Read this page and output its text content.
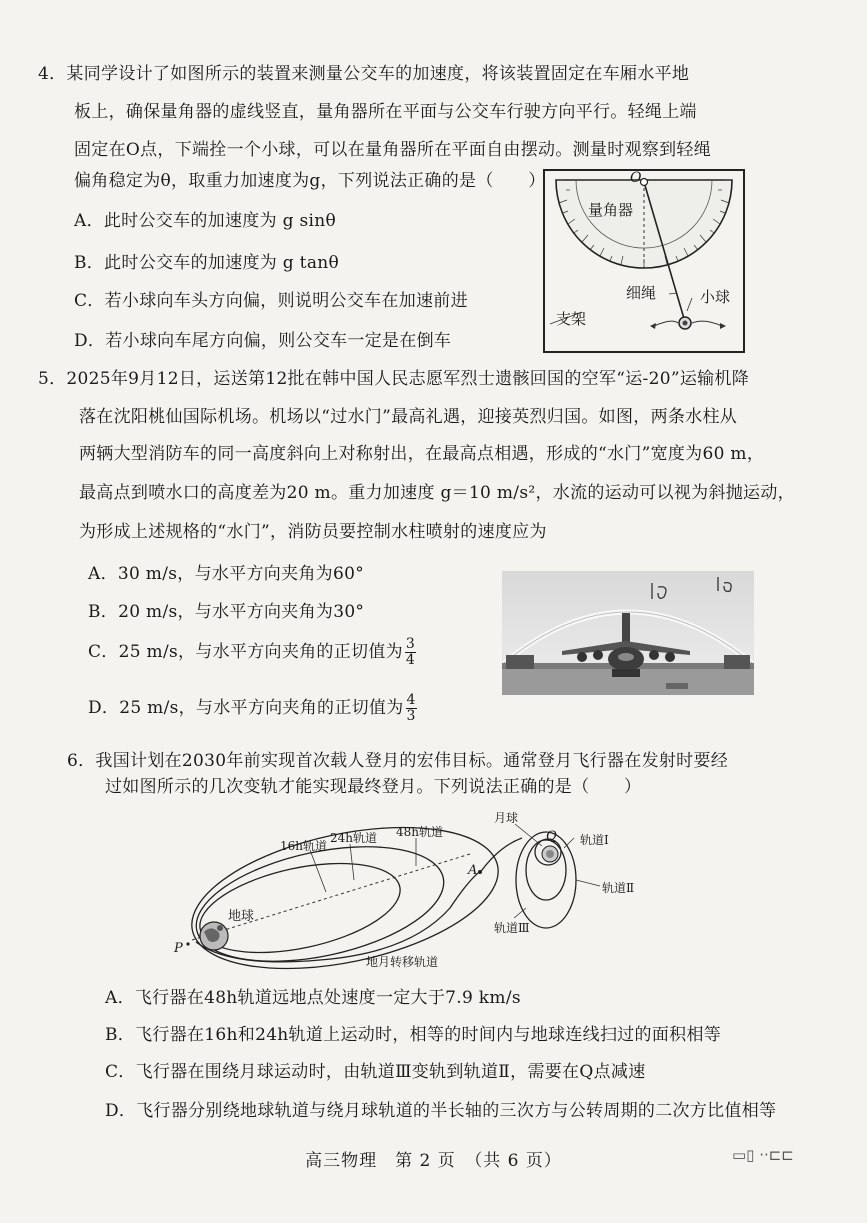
4．某同学设计了如图所示的装置来测量公交车的加速度，将该装置固定在车厢水平地
板上，确保量角器的虚线竖直，量角器所在平面与公交车行驶方向平行。轻绳上端
固定在O点，下端拴一个小球，可以在量角器所在平面自由摆动。测量时观察到轻绳
偏角稳定为θ，取重力加速度为g，下列说法正确的是（　　）
A．此时公交车的加速度为 g sinθ
B．此时公交车的加速度为 g tanθ
C．若小球向车头方向偏，则说明公交车在加速前进
D．若小球向车尾方向偏，则公交车一定是在倒车
O
量角器
细绳	小球
支架
5．2025年9月12日，运送第12批在韩中国人民志愿军烈士遗骸回国的空军“运-20”运输机降
落在沈阳桃仙国际机场。机场以“过水门”最高礼遇，迎接英烈归国。如图，两条水柱从
两辆大型消防车的同一高度斜向上对称射出，在最高点相遇，形成的“水门”宽度为60 m，
最高点到喷水口的高度差为20 m。重力加速度 g＝10 m/s²，水流的运动可以视为斜抛运动，
为形成上述规格的“水门”，消防员要控制水柱喷射的速度应为
A．30 m/s，与水平方向夹角为60°
B．20 m/s，与水平方向夹角为30°
C．25 m/s，与水平方向夹角的正切值为 $\frac{3}{4}$
D．25 m/s，与水平方向夹角的正切值为 $\frac{4}{3}$
6．我国计划在2030年前实现首次载人登月的宏伟目标。通常登月飞行器在发射时要经
过如图所示的几次变轨才能实现最终登月。下列说法正确的是（　　）
16h轨道
24h轨道 48h轨道
月球
Q 轨道Ⅰ
轨道Ⅱ
轨道Ⅲ
A
地球
P
地月转移轨道
A．飞行器在48h轨道远地点处速度一定大于7.9 km/s
B．飞行器在16h和24h轨道上运动时，相等的时间内与地球连线扫过的面积相等
C．飞行器在围绕月球运动时，由轨道Ⅲ变轨到轨道Ⅱ，需要在Q点减速
D．飞行器分别绕地球轨道与绕月球轨道的半长轴的三次方与公转周期的二次方比值相等
高三物理　第 2 页　（共 6 页）	▭▯ ··⊏⊏
